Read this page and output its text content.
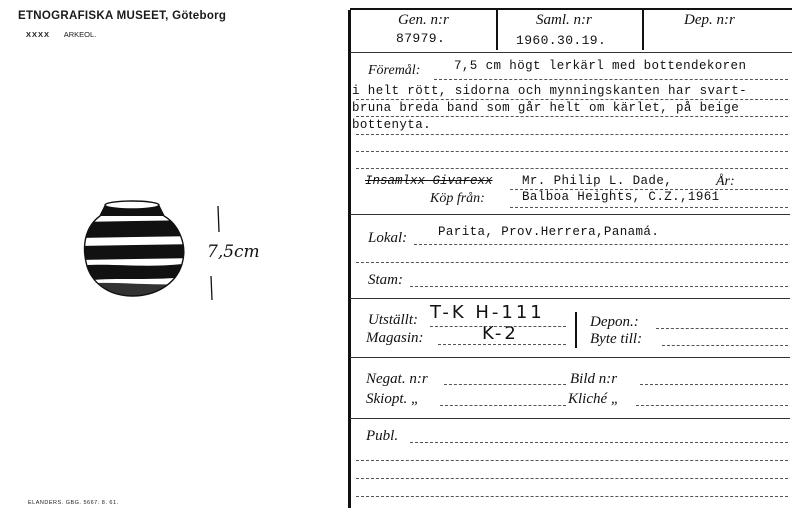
ETNOGRAFISKA MUSEET, Göteborg
XXXX ARKEOL.
ELANDERS. GBG. 5667. 8. 61.
7,5cm
Gen. n:r
87979.
Saml. n:r
1960.30.19.
Dep. n:r
Föremål:	7,5 cm högt lerkärl med bottendekoren
i helt rött, sidorna och mynningskanten har svart-
bruna breda band som går helt om kärlet, på beige
bottenyta.
Insamlxx Givarexx Mr. Philip L. Dade,	År:
Köp från:	Balboa Heights, C.Z.,1961
Lokal: Parita, Prov.Herrera,Panamá.
Stam:
Utställt: T-K H-111
Magasin:	K-2
Depon.:
Byte till:
Negat. n:r	Bild n:r
Skiopt. „	Kliché „
Publ.
